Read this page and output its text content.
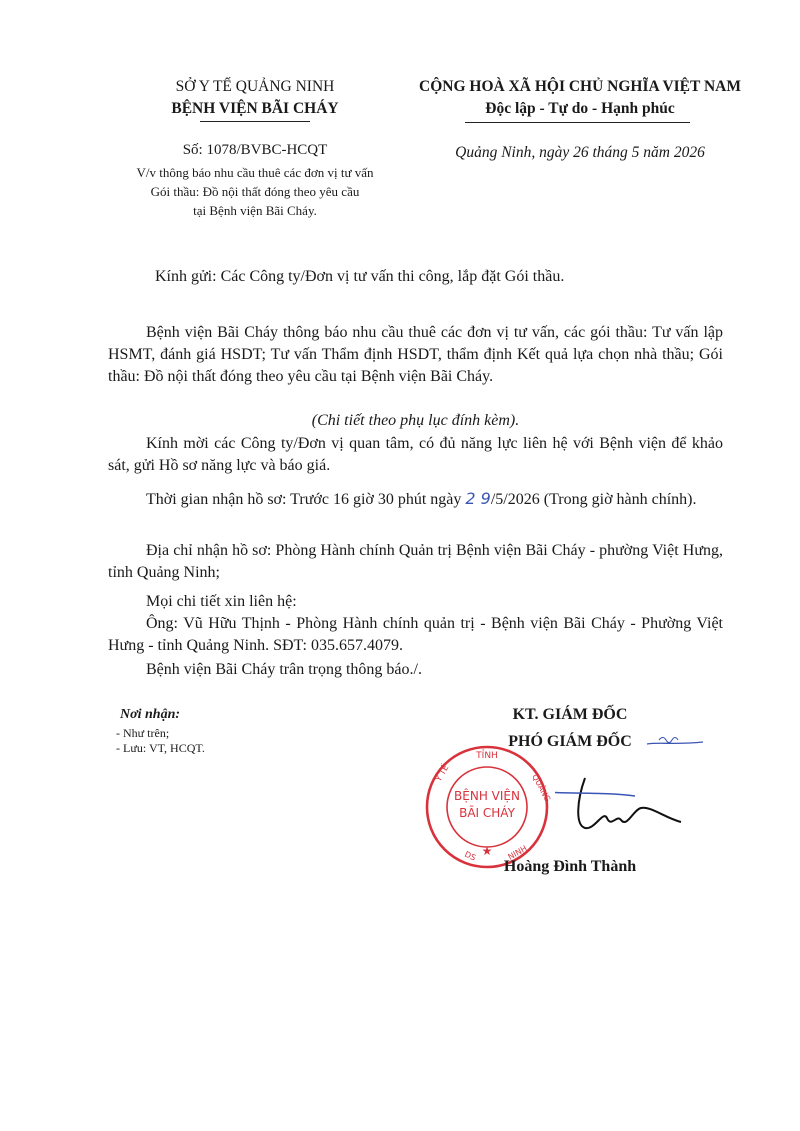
SỞ Y TẾ QUẢNG NINH
BỆNH VIỆN BÃI CHÁY
CỘNG HOÀ XÃ HỘI CHỦ NGHĨA VIỆT NAM
Độc lập - Tự do - Hạnh phúc
Số: 1078/BVBC-HCQT
V/v thông báo nhu cầu thuê các đơn vị tư vấn
Gói thầu: Đồ nội thất đóng theo yêu cầu
tại Bệnh viện Bãi Cháy.
Quảng Ninh, ngày 26 tháng 5 năm 2026
Kính gửi: Các Công ty/Đơn vị tư vấn thi công, lắp đặt Gói thầu.
Bệnh viện Bãi Cháy thông báo nhu cầu thuê các đơn vị tư vấn, các gói thầu: Tư vấn lập HSMT, đánh giá HSDT; Tư vấn Thẩm định HSDT, thẩm định Kết quả lựa chọn nhà thầu; Gói thầu: Đồ nội thất đóng theo yêu cầu tại Bệnh viện Bãi Cháy.
(Chi tiết theo phụ lục đính kèm).
Kính mời các Công ty/Đơn vị quan tâm, có đủ năng lực liên hệ với Bệnh viện để khảo sát, gửi Hồ sơ năng lực và báo giá.
Thời gian nhận hồ sơ: Trước 16 giờ 30 phút ngày 2 9/5/2026 (Trong giờ hành chính).
Địa chỉ nhận hồ sơ: Phòng Hành chính Quản trị Bệnh viện Bãi Cháy - phường Việt Hưng, tỉnh Quảng Ninh;
Mọi chi tiết xin liên hệ:
Ông: Vũ Hữu Thịnh - Phòng Hành chính quản trị - Bệnh viện Bãi Cháy - Phường Việt Hưng - tỉnh Quảng Ninh. SĐT: 035.657.4079.
Bệnh viện Bãi Cháy trân trọng thông báo./.
Nơi nhận:
- Như trên;
- Lưu: VT, HCQT.
KT. GIÁM ĐỐC
PHÓ GIÁM ĐỐC
TỈNH
Y TẾ	QUẢNG
DS	NINH
BỆNH VIỆN
BÃI CHÁY
★
Hoàng Đình Thành
